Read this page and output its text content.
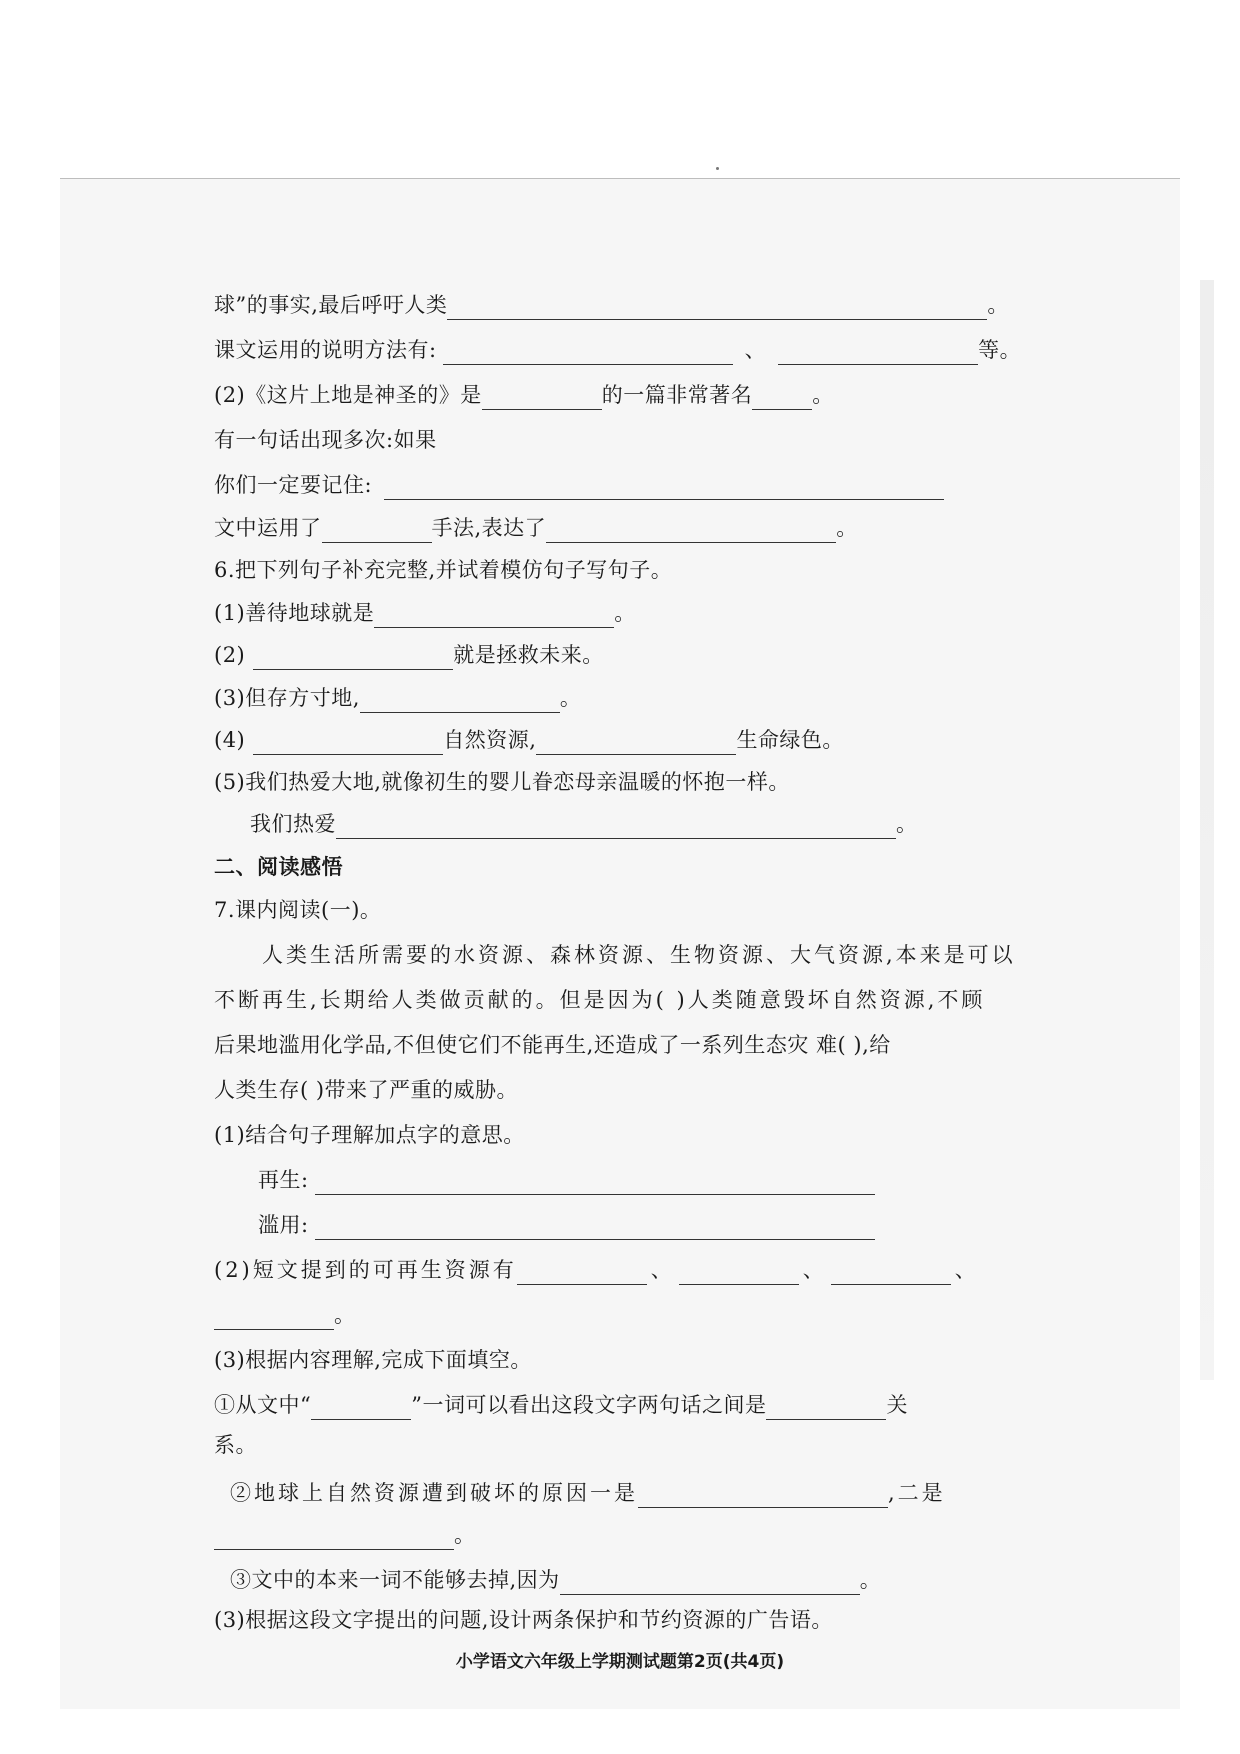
球”的事实,最后呼吁人类	。
课文运用的说明方法有:	、	等。
(2)《这片上地是神圣的》是	的一篇非常著名	。
有一句话出现多次:如果
你们一定要记住:
文中运用了	手法,表达了	。
6.把下列句子补充完整,并试着模仿句子写句子。
(1)善待地球就是	。
(2)	就是拯救未来。
(3)但存方寸地,	。
(4)	自然资源,	生命绿色。
(5)我们热爱大地,就像初生的婴儿眷恋母亲温暖的怀抱一样。
我们热爱	。
二、阅读感悟
7.课内阅读(一)。
人类生活所需要的水资源、森林资源、生物资源、大气资源,本来是可以
不断再生,长期给人类做贡献的。但是因为( )人类随意毁坏自然资源,不顾
后果地滥用化学品,不但使它们不能再生,还造成了一系列生态灾 难( ),给
人类生存( )带来了严重的威胁。
(1)结合句子理解加点字的意思。
再生:
滥用:
(2)短文提到的可再生资源有	、	、	、
。
(3)根据内容理解,完成下面填空。
①从文中“	”一词可以看出这段文字两句话之间是	关
系。
②地球上自然资源遭到破坏的原因一是	,二是
。
③文中的本来一词不能够去掉,因为	。
(3)根据这段文字提出的问题,设计两条保护和节约资源的广告语。
小学语文六年级上学期测试题第2页(共4页)
